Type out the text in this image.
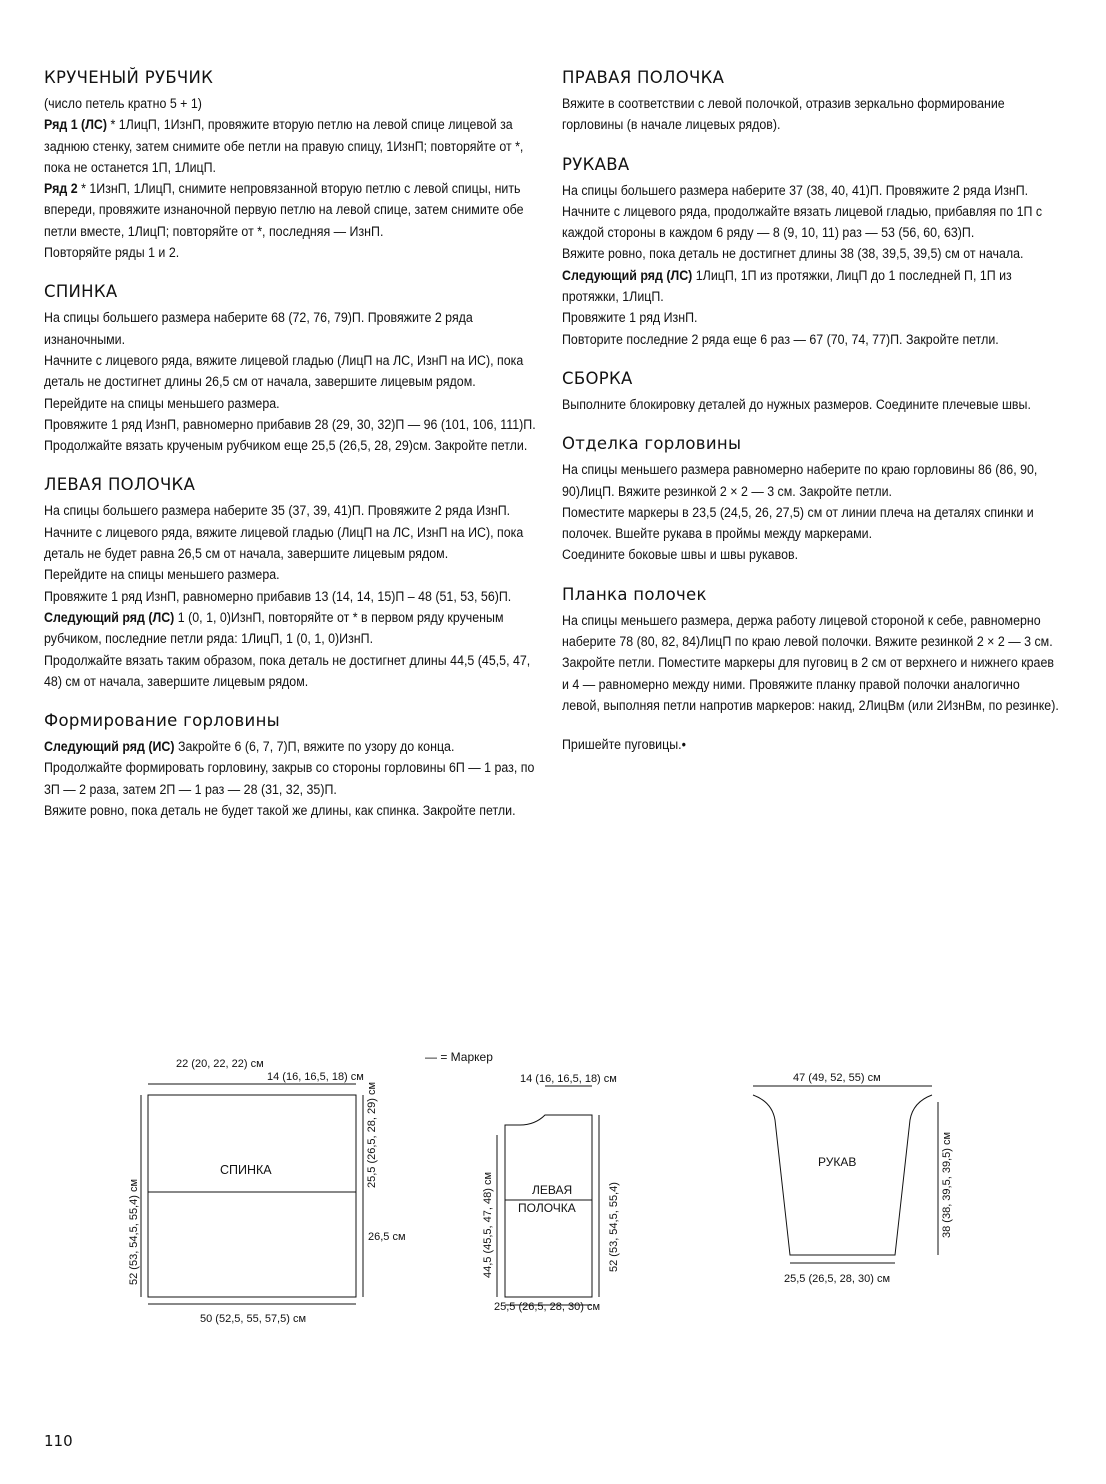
КРУЧЕНЫЙ РУБЧИК

(число петель кратно 5 + 1)

Ряд 1 (ЛС) * 1ЛицП, 1ИзнП, провяжите вторую петлю на левой спице лицевой за заднюю стенку, затем снимите обе петли на правую спицу, 1ИзнП; повторяйте от *, пока не останется 1П, 1ЛицП.

Ряд 2 * 1ИзнП, 1ЛицП, снимите непровязанной вторую петлю с левой спицы, нить впереди, провяжите изнаночной первую петлю на левой спице, затем снимите обе петли вместе, 1ЛицП; повторяйте от *, последняя — ИзнП.

Повторяйте ряды 1 и 2.

СПИНКА

На спицы большего размера наберите 68 (72, 76, 79)П. Провяжите 2 ряда изнаночными.

Начните с лицевого ряда, вяжите лицевой гладью (ЛицП на ЛС, ИзнП на ИС), пока деталь не достигнет длины 26,5 см от начала, завершите лицевым рядом.

Перейдите на спицы меньшего размера.

Провяжите 1 ряд ИзнП, равномерно прибавив 28 (29, 30, 32)П — 96 (101, 106, 111)П.

Продолжайте вязать крученым рубчиком еще 25,5 (26,5, 28, 29)см. Закройте петли.

ЛЕВАЯ ПОЛОЧКА

На спицы большего размера наберите 35 (37, 39, 41)П. Провяжите 2 ряда ИзнП.

Начните с лицевого ряда, вяжите лицевой гладью (ЛицП на ЛС, ИзнП на ИС), пока деталь не будет равна 26,5 см от начала, завершите лицевым рядом.

Перейдите на спицы меньшего размера.

Провяжите 1 ряд ИзнП, равномерно прибавив 13 (14, 14, 15)П – 48 (51, 53, 56)П.

Следующий ряд (ЛС) 1 (0, 1, 0)ИзнП, повторяйте от * в первом ряду крученым рубчиком, последние петли ряда: 1ЛицП, 1 (0, 1, 0)ИзнП.

Продолжайте вязать таким образом, пока деталь не достигнет длины 44,5 (45,5, 47, 48) см от начала, завершите лицевым рядом.

Формирование горловины

Следующий ряд (ИС) Закройте 6 (6, 7, 7)П, вяжите по узору до конца.

Продолжайте формировать горловину, закрыв со стороны горловины 6П — 1 раз, по 3П — 2 раза, затем 2П — 1 раз — 28 (31, 32, 35)П.

Вяжите ровно, пока деталь не будет такой же длины, как спинка. Закройте петли.

ПРАВАЯ ПОЛОЧКА

Вяжите в соответствии с левой полочкой, отразив зеркально формирование горловины (в начале лицевых рядов).

РУКАВА

На спицы большего размера наберите 37 (38, 40, 41)П. Провяжите 2 ряда ИзнП.

Начните с лицевого ряда, продолжайте вязать лицевой гладью, прибавляя по 1П с каждой стороны в каждом 6 ряду — 8 (9, 10, 11) раз — 53 (56, 60, 63)П.

Вяжите ровно, пока деталь не достигнет длины 38 (38, 39,5, 39,5) см от начала.

Следующий ряд (ЛС) 1ЛицП, 1П из протяжки, ЛицП до 1 последней П, 1П из протяжки, 1ЛицП.

Провяжите 1 ряд ИзнП.

Повторите последние 2 ряда еще 6 раз — 67 (70, 74, 77)П. Закройте петли.

СБОРКА

Выполните блокировку деталей до нужных размеров. Соедините плечевые швы.

Отделка горловины

На спицы меньшего размера равномерно наберите по краю горловины 86 (86, 90, 90)ЛицП. Вяжите резинкой 2 × 2 — 3 см. Закройте петли.

Поместите маркеры в 23,5 (24,5, 26, 27,5) см от линии плеча на деталях спинки и полочек. Вшейте рукава в проймы между маркерами.

Соедините боковые швы и швы рукавов.

Планка полочек

На спицы меньшего размера, держа работу лицевой стороной к себе, равномерно наберите 78 (80, 82, 84)ЛицП по краю левой полочки. Вяжите резинкой 2 × 2 — 3 см. Закройте петли. Поместите маркеры для пуговиц в 2 см от верхнего и нижнего краев и 4 — равномерно между ними. Провяжите планку правой полочки аналогично левой, выполняя петли напротив маркеров: накид, 2ЛицВм (или 2ИзнВм, по резинке).

Пришейте пуговицы.•

— = Маркер
СПИНКА
22 (20, 22, 22) см
14 (16, 16,5, 18) см
26,5 см
50 (52,5, 55, 57,5) см
52 (53, 54,5, 55,4) см
25,5 (26,5, 28, 29) см
ЛЕВАЯ
ПОЛОЧКА
14 (16, 16,5, 18) см
25,5 (26,5, 28, 30) см
44,5 (45,5, 47, 48) см	52 (53, 54,5, 55,4)
РУКАВ
47 (49, 52, 55) см
25,5 (26,5, 28, 30) см
38 (38, 39,5, 39,5) см
110
